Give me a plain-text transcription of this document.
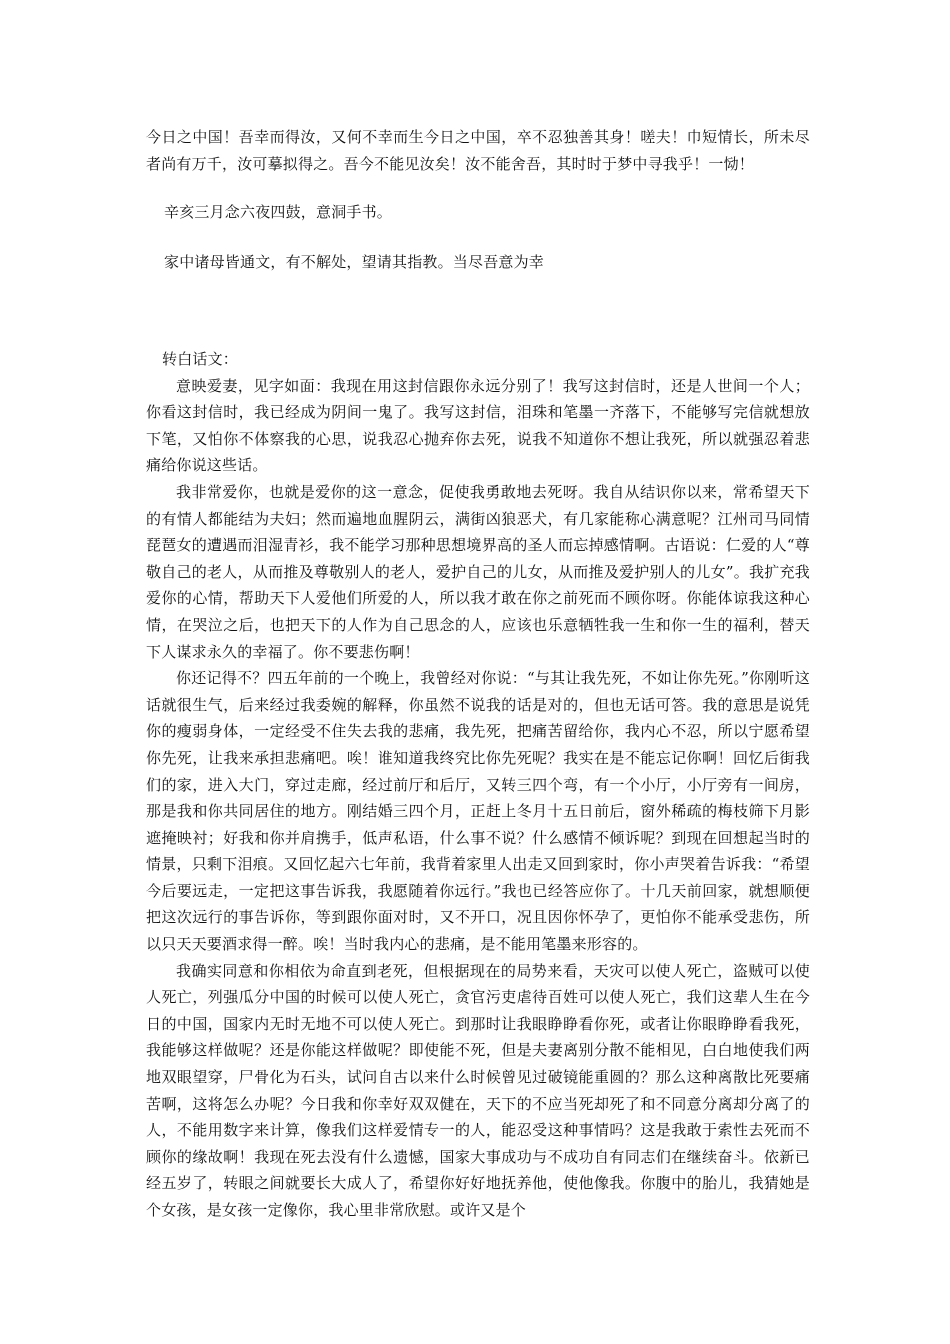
今日之中国！吾幸而得汝，又何不幸而生今日之中国，卒不忍独善其身！嗟夫！巾短情长，所未尽者尚有万千，汝可摹拟得之。吾今不能见汝矣！汝不能舍吾，其时时于梦中寻我乎！一恸！

辛亥三月念六夜四鼓，意洞手书。

家中诸母皆通文，有不解处，望请其指教。当尽吾意为幸

转白话文：

意映爱妻，见字如面：我现在用这封信跟你永远分别了！我写这封信时，还是人世间一个人；你看这封信时，我已经成为阴间一鬼了。我写这封信，泪珠和笔墨一齐落下，不能够写完信就想放下笔，又怕你不体察我的心思，说我忍心抛弃你去死，说我不知道你不想让我死，所以就强忍着悲痛给你说这些话。

我非常爱你，也就是爱你的这一意念，促使我勇敢地去死呀。我自从结识你以来，常希望天下的有情人都能结为夫妇；然而遍地血腥阴云，满街凶狼恶犬，有几家能称心满意呢？江州司马同情琵琶女的遭遇而泪湿青衫，我不能学习那种思想境界高的圣人而忘掉感情啊。古语说：仁爱的人“尊敬自己的老人，从而推及尊敬别人的老人，爱护自己的儿女，从而推及爱护别人的儿女”。我扩充我爱你的心情，帮助天下人爱他们所爱的人，所以我才敢在你之前死而不顾你呀。你能体谅我这种心情，在哭泣之后，也把天下的人作为自己思念的人，应该也乐意牺牲我一生和你一生的福利，替天下人谋求永久的幸福了。你不要悲伤啊！

你还记得不？四五年前的一个晚上，我曾经对你说：“与其让我先死，不如让你先死。”你刚听这话就很生气，后来经过我委婉的解释，你虽然不说我的话是对的，但也无话可答。我的意思是说凭你的瘦弱身体，一定经受不住失去我的悲痛，我先死，把痛苦留给你，我内心不忍，所以宁愿希望你先死，让我来承担悲痛吧。唉！谁知道我终究比你先死呢？我实在是不能忘记你啊！回忆后街我们的家，进入大门，穿过走廊，经过前厅和后厅，又转三四个弯，有一个小厅，小厅旁有一间房，那是我和你共同居住的地方。刚结婚三四个月，正赶上冬月十五日前后，窗外稀疏的梅枝筛下月影遮掩映衬；好我和你并肩携手，低声私语，什么事不说？什么感情不倾诉呢？到现在回想起当时的情景，只剩下泪痕。又回忆起六七年前，我背着家里人出走又回到家时，你小声哭着告诉我：“希望今后要远走，一定把这事告诉我，我愿随着你远行。”我也已经答应你了。十几天前回家，就想顺便把这次远行的事告诉你，等到跟你面对时，又不开口，况且因你怀孕了，更怕你不能承受悲伤，所以只天天要酒求得一醉。唉！当时我内心的悲痛，是不能用笔墨来形容的。

我确实同意和你相依为命直到老死，但根据现在的局势来看，天灾可以使人死亡，盗贼可以使人死亡，列强瓜分中国的时候可以使人死亡，贪官污吏虐待百姓可以使人死亡，我们这辈人生在今日的中国，国家内无时无地不可以使人死亡。到那时让我眼睁睁看你死，或者让你眼睁睁看我死，我能够这样做呢？还是你能这样做呢？即使能不死，但是夫妻离别分散不能相见，白白地使我们两地双眼望穿，尸骨化为石头，试问自古以来什么时候曾见过破镜能重圆的？那么这种离散比死要痛苦啊，这将怎么办呢？今日我和你幸好双双健在，天下的不应当死却死了和不同意分离却分离了的人，不能用数字来计算，像我们这样爱情专一的人，能忍受这种事情吗？这是我敢于索性去死而不顾你的缘故啊！我现在死去没有什么遗憾，国家大事成功与不成功自有同志们在继续奋斗。依新已经五岁了，转眼之间就要长大成人了，希望你好好地抚养他，使他像我。你腹中的胎儿，我猜她是个女孩，是女孩一定像你，我心里非常欣慰。或许又是个
